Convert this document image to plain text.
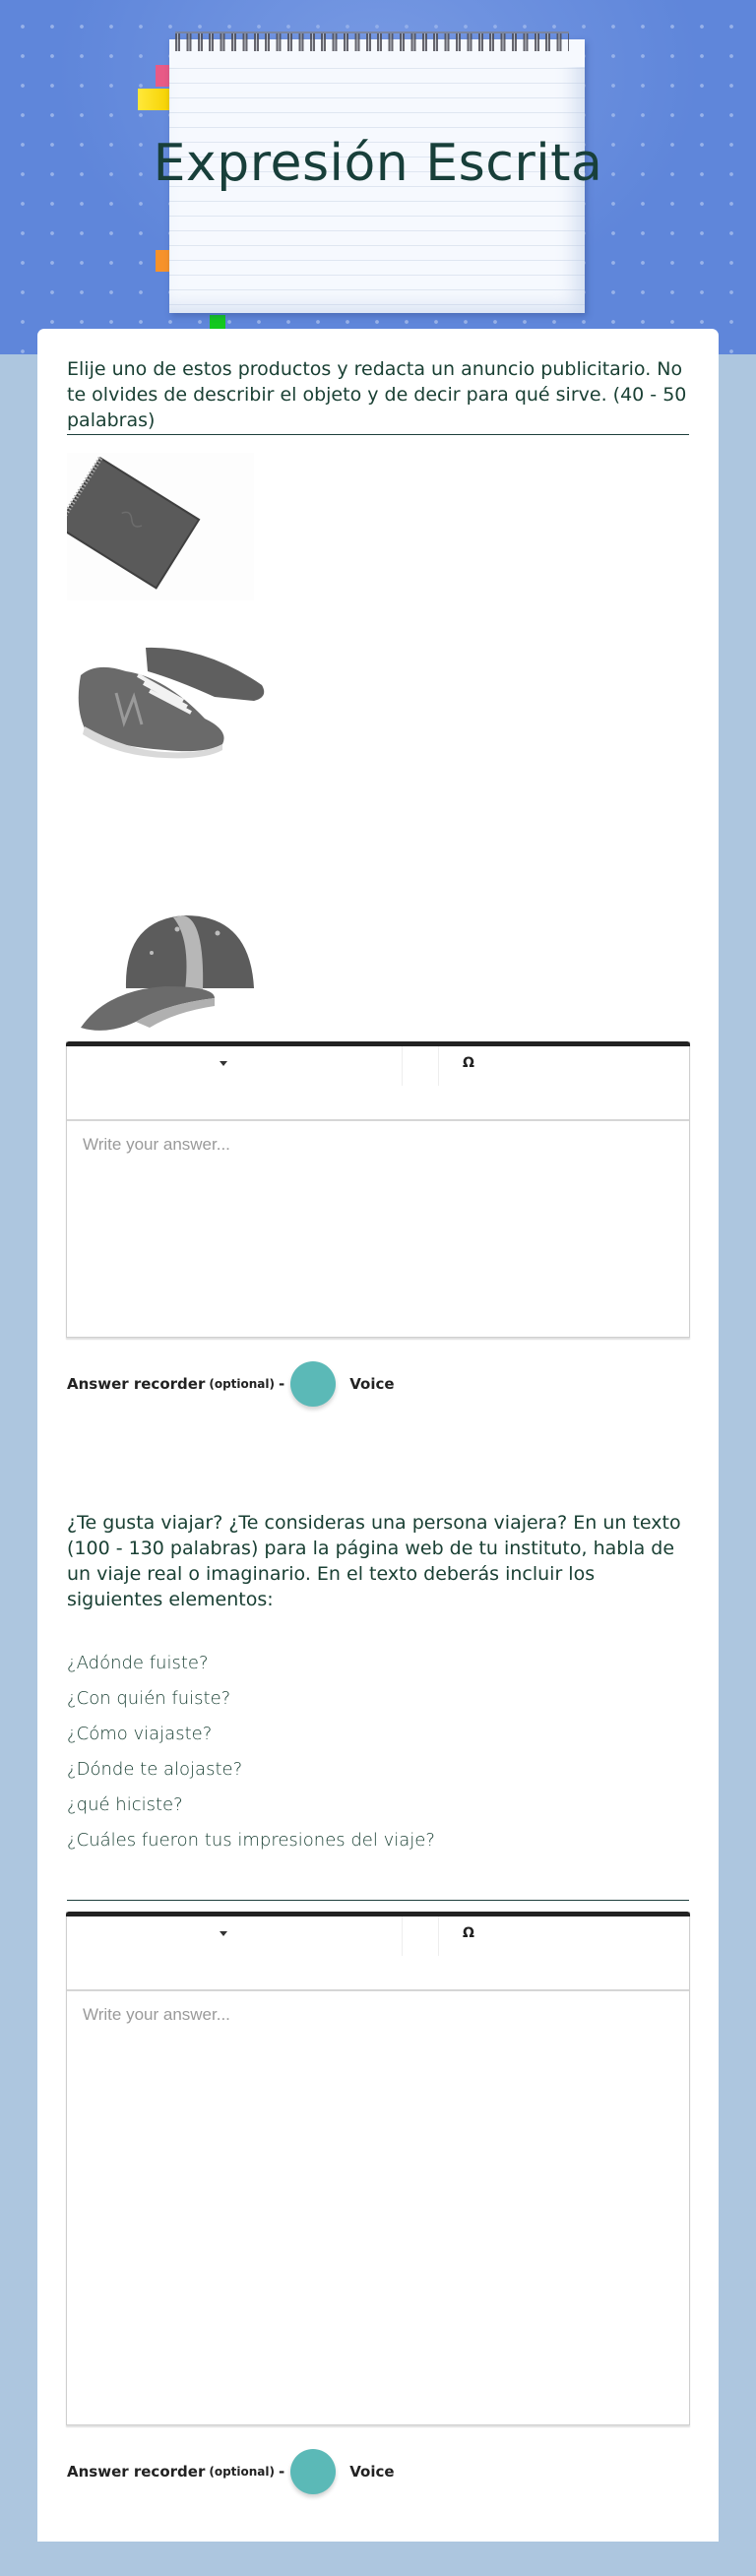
Expresión Escrita

Elije uno de estos productos y redacta un anuncio publicitario. No te olvides de describir el objeto y de decir para qué sirve. (40 - 50 palabras)

Ω
Write your answer...
Answer recorder (optional) -	Voice

¿Te gusta viajar? ¿Te consideras una persona viajera? En un texto (100 - 130 palabras) para la página web de tu instituto, habla de un viaje real o imaginario. En el texto deberás incluir los siguientes elementos:

¿Adónde fuiste?
¿Con quién fuiste?
¿Cómo viajaste?
¿Dónde te alojaste?
¿qué hiciste?
¿Cuáles fueron tus impresiones del viaje?
Ω
Write your answer...
Answer recorder (optional) -	Voice
